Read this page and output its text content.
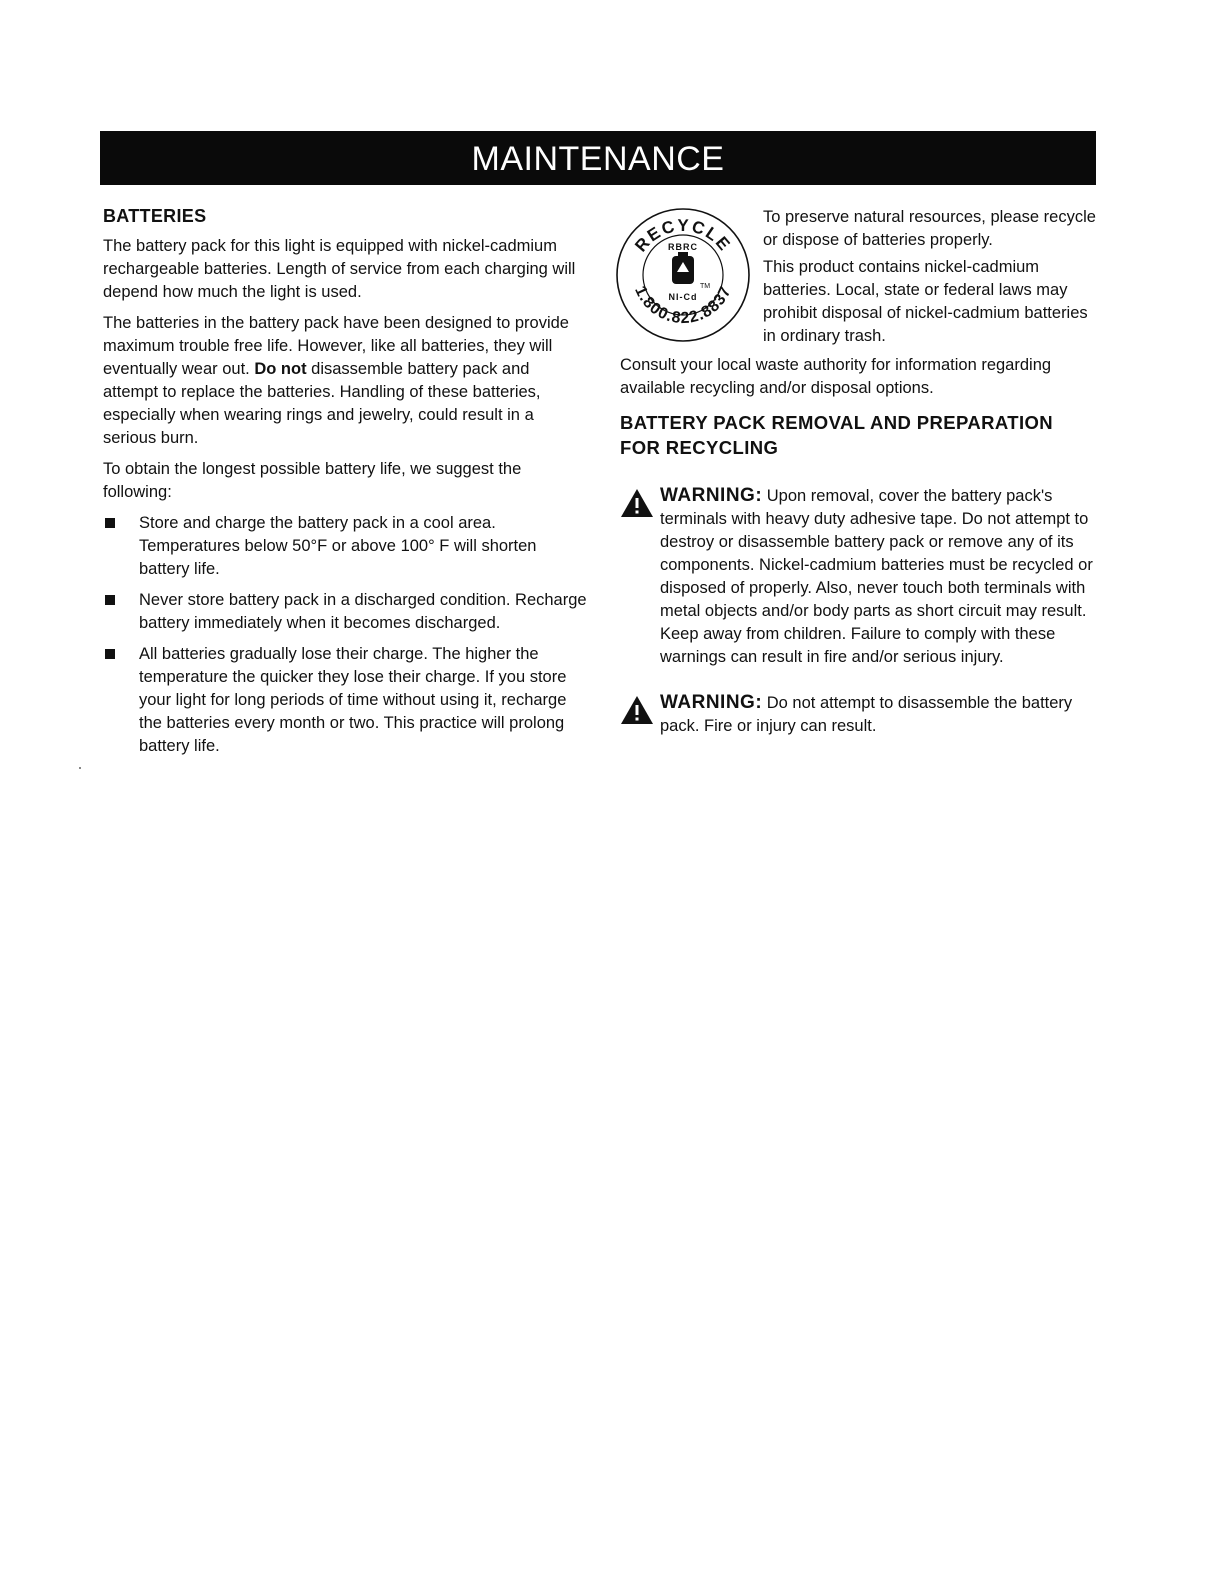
MAINTENANCE
BATTERIES

The battery pack for this light is equipped with nickel-cadmium rechargeable batteries. Length of service from each charging will depend how much the light is used.

The batteries in the battery pack have been designed to provide maximum trouble free life. However, like all batteries, they will eventually wear out. Do not disassemble battery pack and attempt to replace the batteries. Handling of these batteries, especially when wearing rings and jewelry, could result in a serious burn.

To obtain the longest possible battery life, we suggest the following:

Store and charge the battery pack in a cool area. Temperatures below 50°F or above 100° F will shorten battery life.
Never store battery pack in a discharged condition. Recharge battery immediately when it becomes discharged.
All batteries gradually lose their charge. The higher the temperature the quicker they lose their charge. If you store your light for long periods of time without using it, recharge the batteries every month or two. This practice will prolong battery life.
RECYCLE
1.800.822.8837
RBRC
TM
NI-Cd

To preserve natural resources, please recycle or dispose of batteries properly.

This product contains nickel-cadmium batteries. Local, state or federal laws may prohibit disposal of nickel-cadmium batteries in ordinary trash.

Consult your local waste authority for information regarding available recycling and/or disposal options.

BATTERY PACK REMOVAL AND PREPARATION FOR RECYCLING
WARNING: Upon removal, cover the battery pack's terminals with heavy duty adhesive tape. Do not attempt to destroy or disassemble battery pack or remove any of its components. Nickel-cadmium batteries must be recycled or disposed of properly. Also, never touch both terminals with metal objects and/or body parts as short circuit may result. Keep away from children. Failure to comply with these warnings can result in fire and/or serious injury.
WARNING: Do not attempt to disassemble the battery pack. Fire or injury can result.
